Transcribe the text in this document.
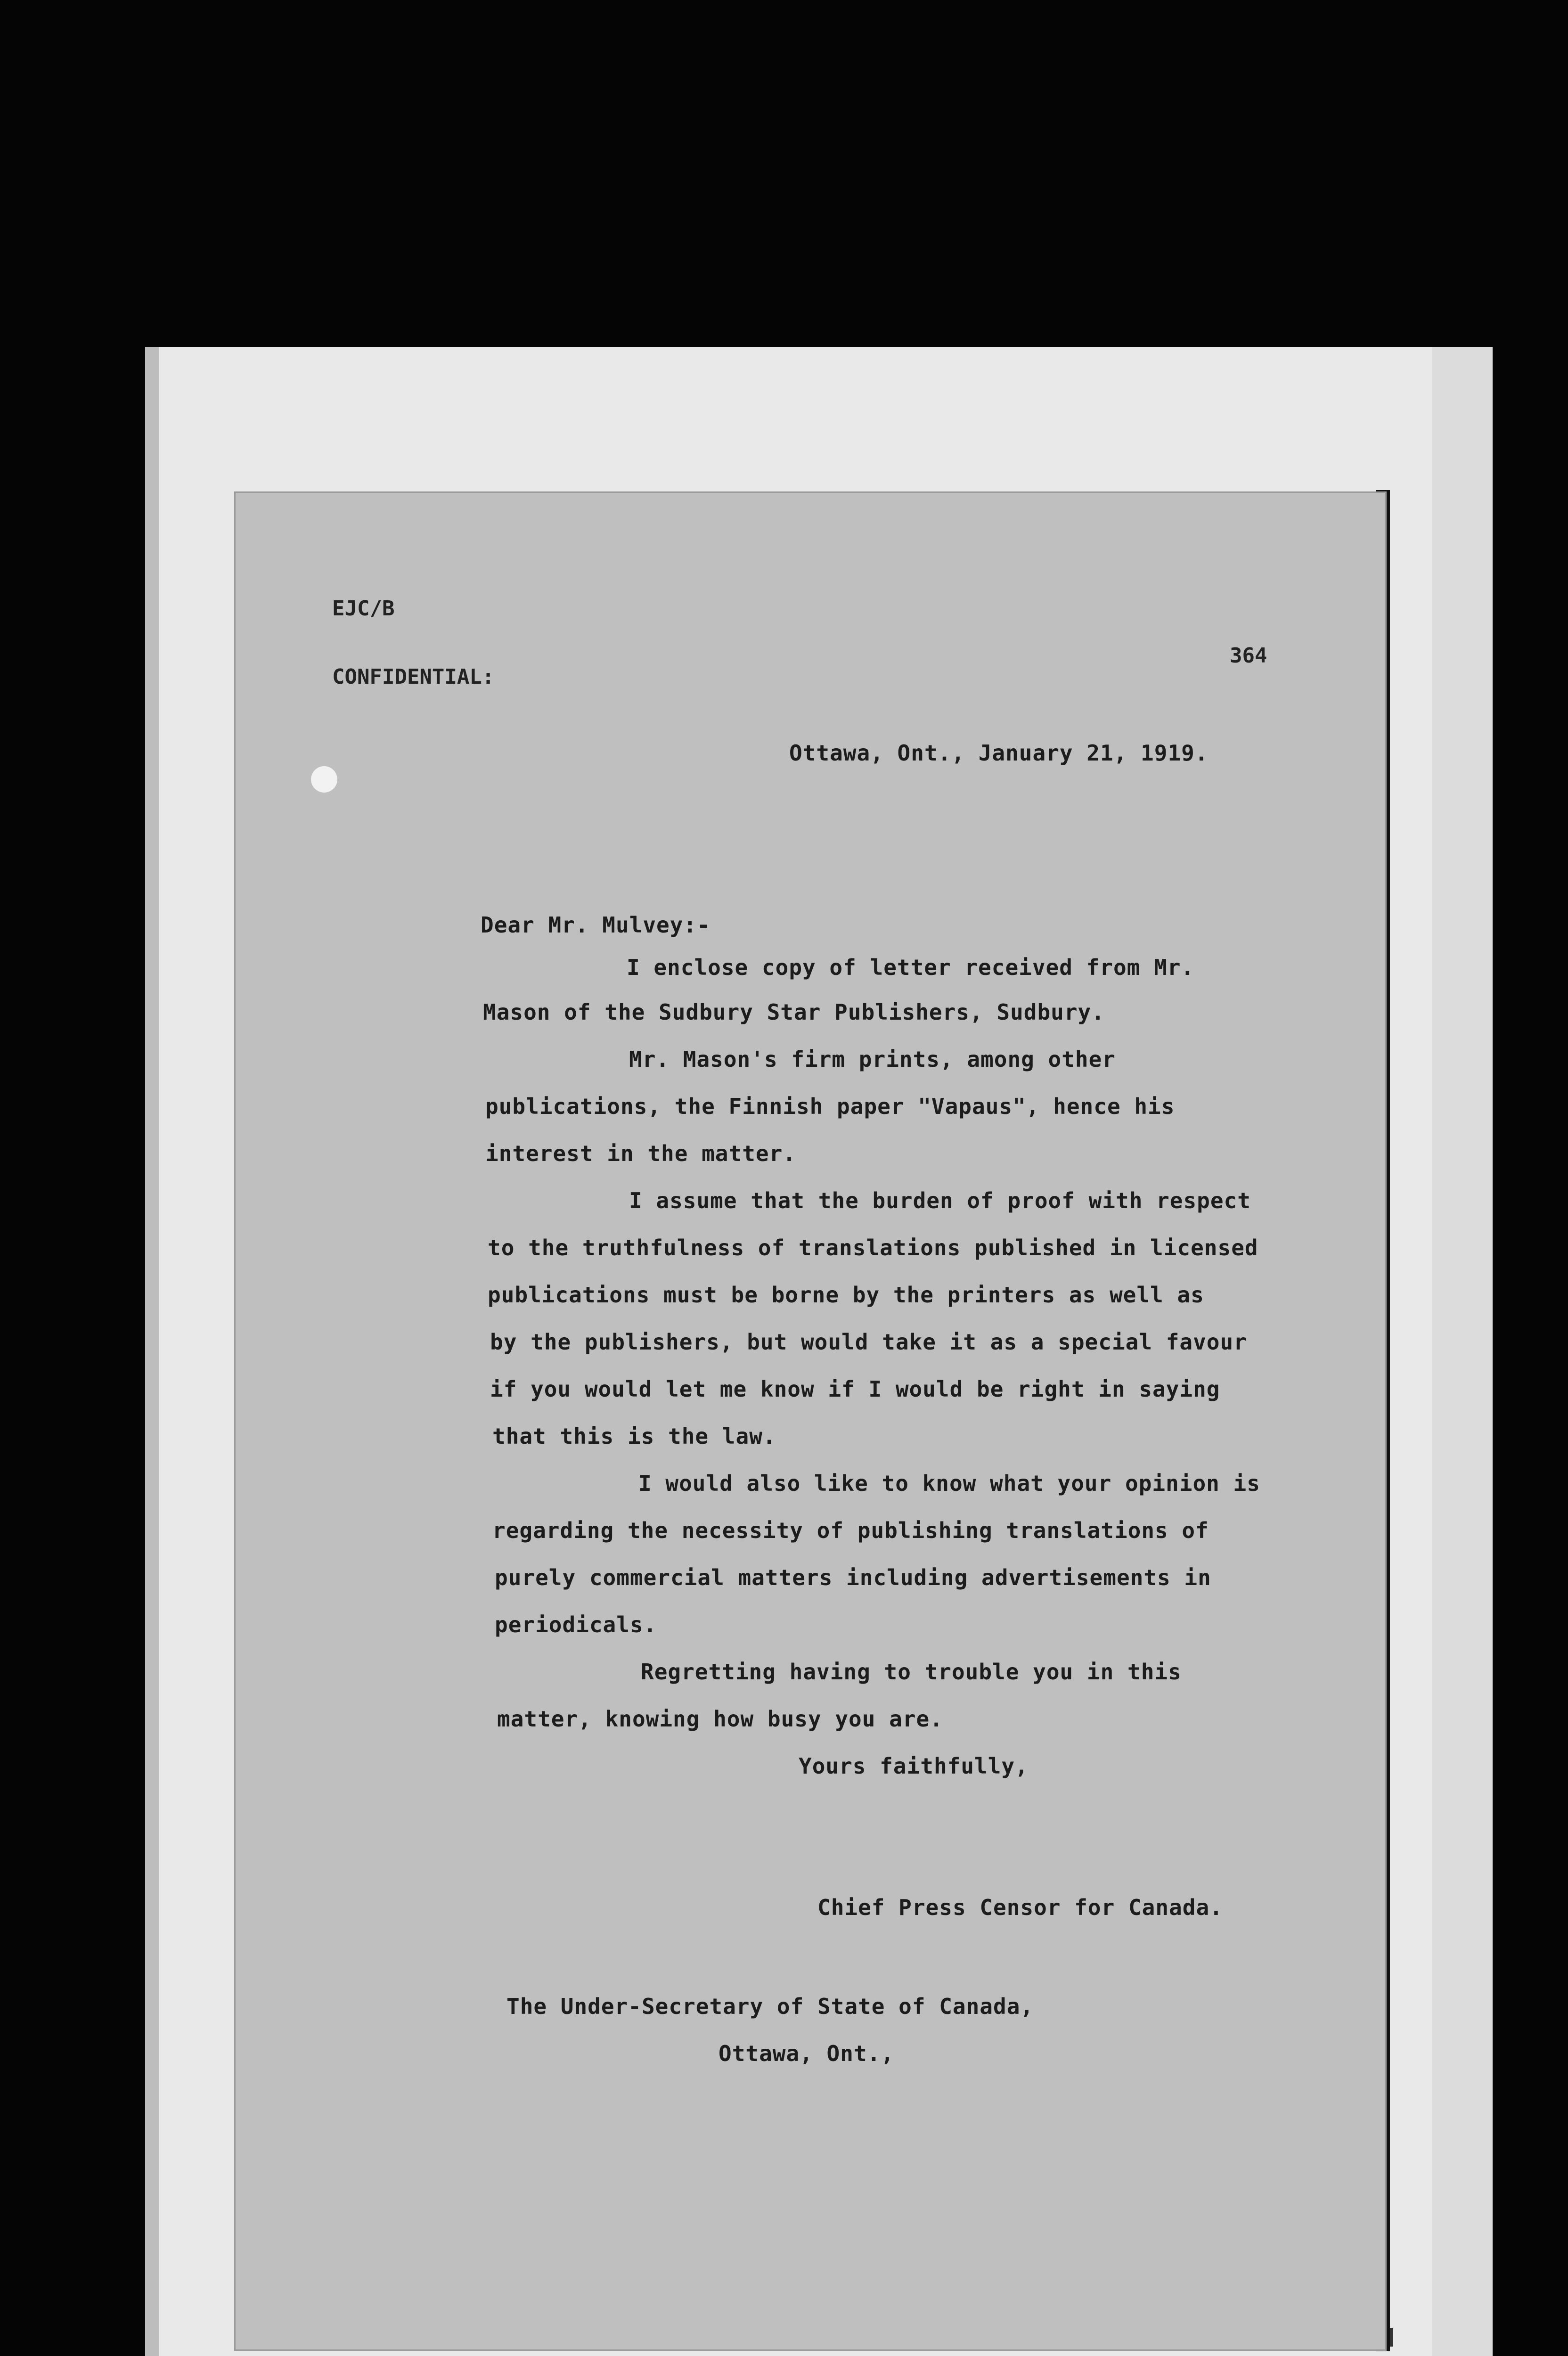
EJC/B
CONFIDENTIAL:
364
Ottawa, Ont., January 21, 1919.
Dear Mr. Mulvey:-
I enclose copy of letter received from Mr.
Mason of the Sudbury Star Publishers, Sudbury.
Mr. Mason's firm prints, among other
publications, the Finnish paper "Vapaus", hence his
interest in the matter.
I assume that the burden of proof with respect
to the truthfulness of translations published in licensed
publications must be borne by the printers as well as
by the publishers, but would take it as a special favour
if you would let me know if I would be right in saying
that this is the law.
I would also like to know what your opinion is
regarding the necessity of publishing translations of
purely commercial matters including advertisements in
periodicals.
Regretting having to trouble you in this
matter, knowing how busy you are.
Yours faithfully,
Chief Press Censor for Canada.
The Under-Secretary of State of Canada,
Ottawa, Ont.,
